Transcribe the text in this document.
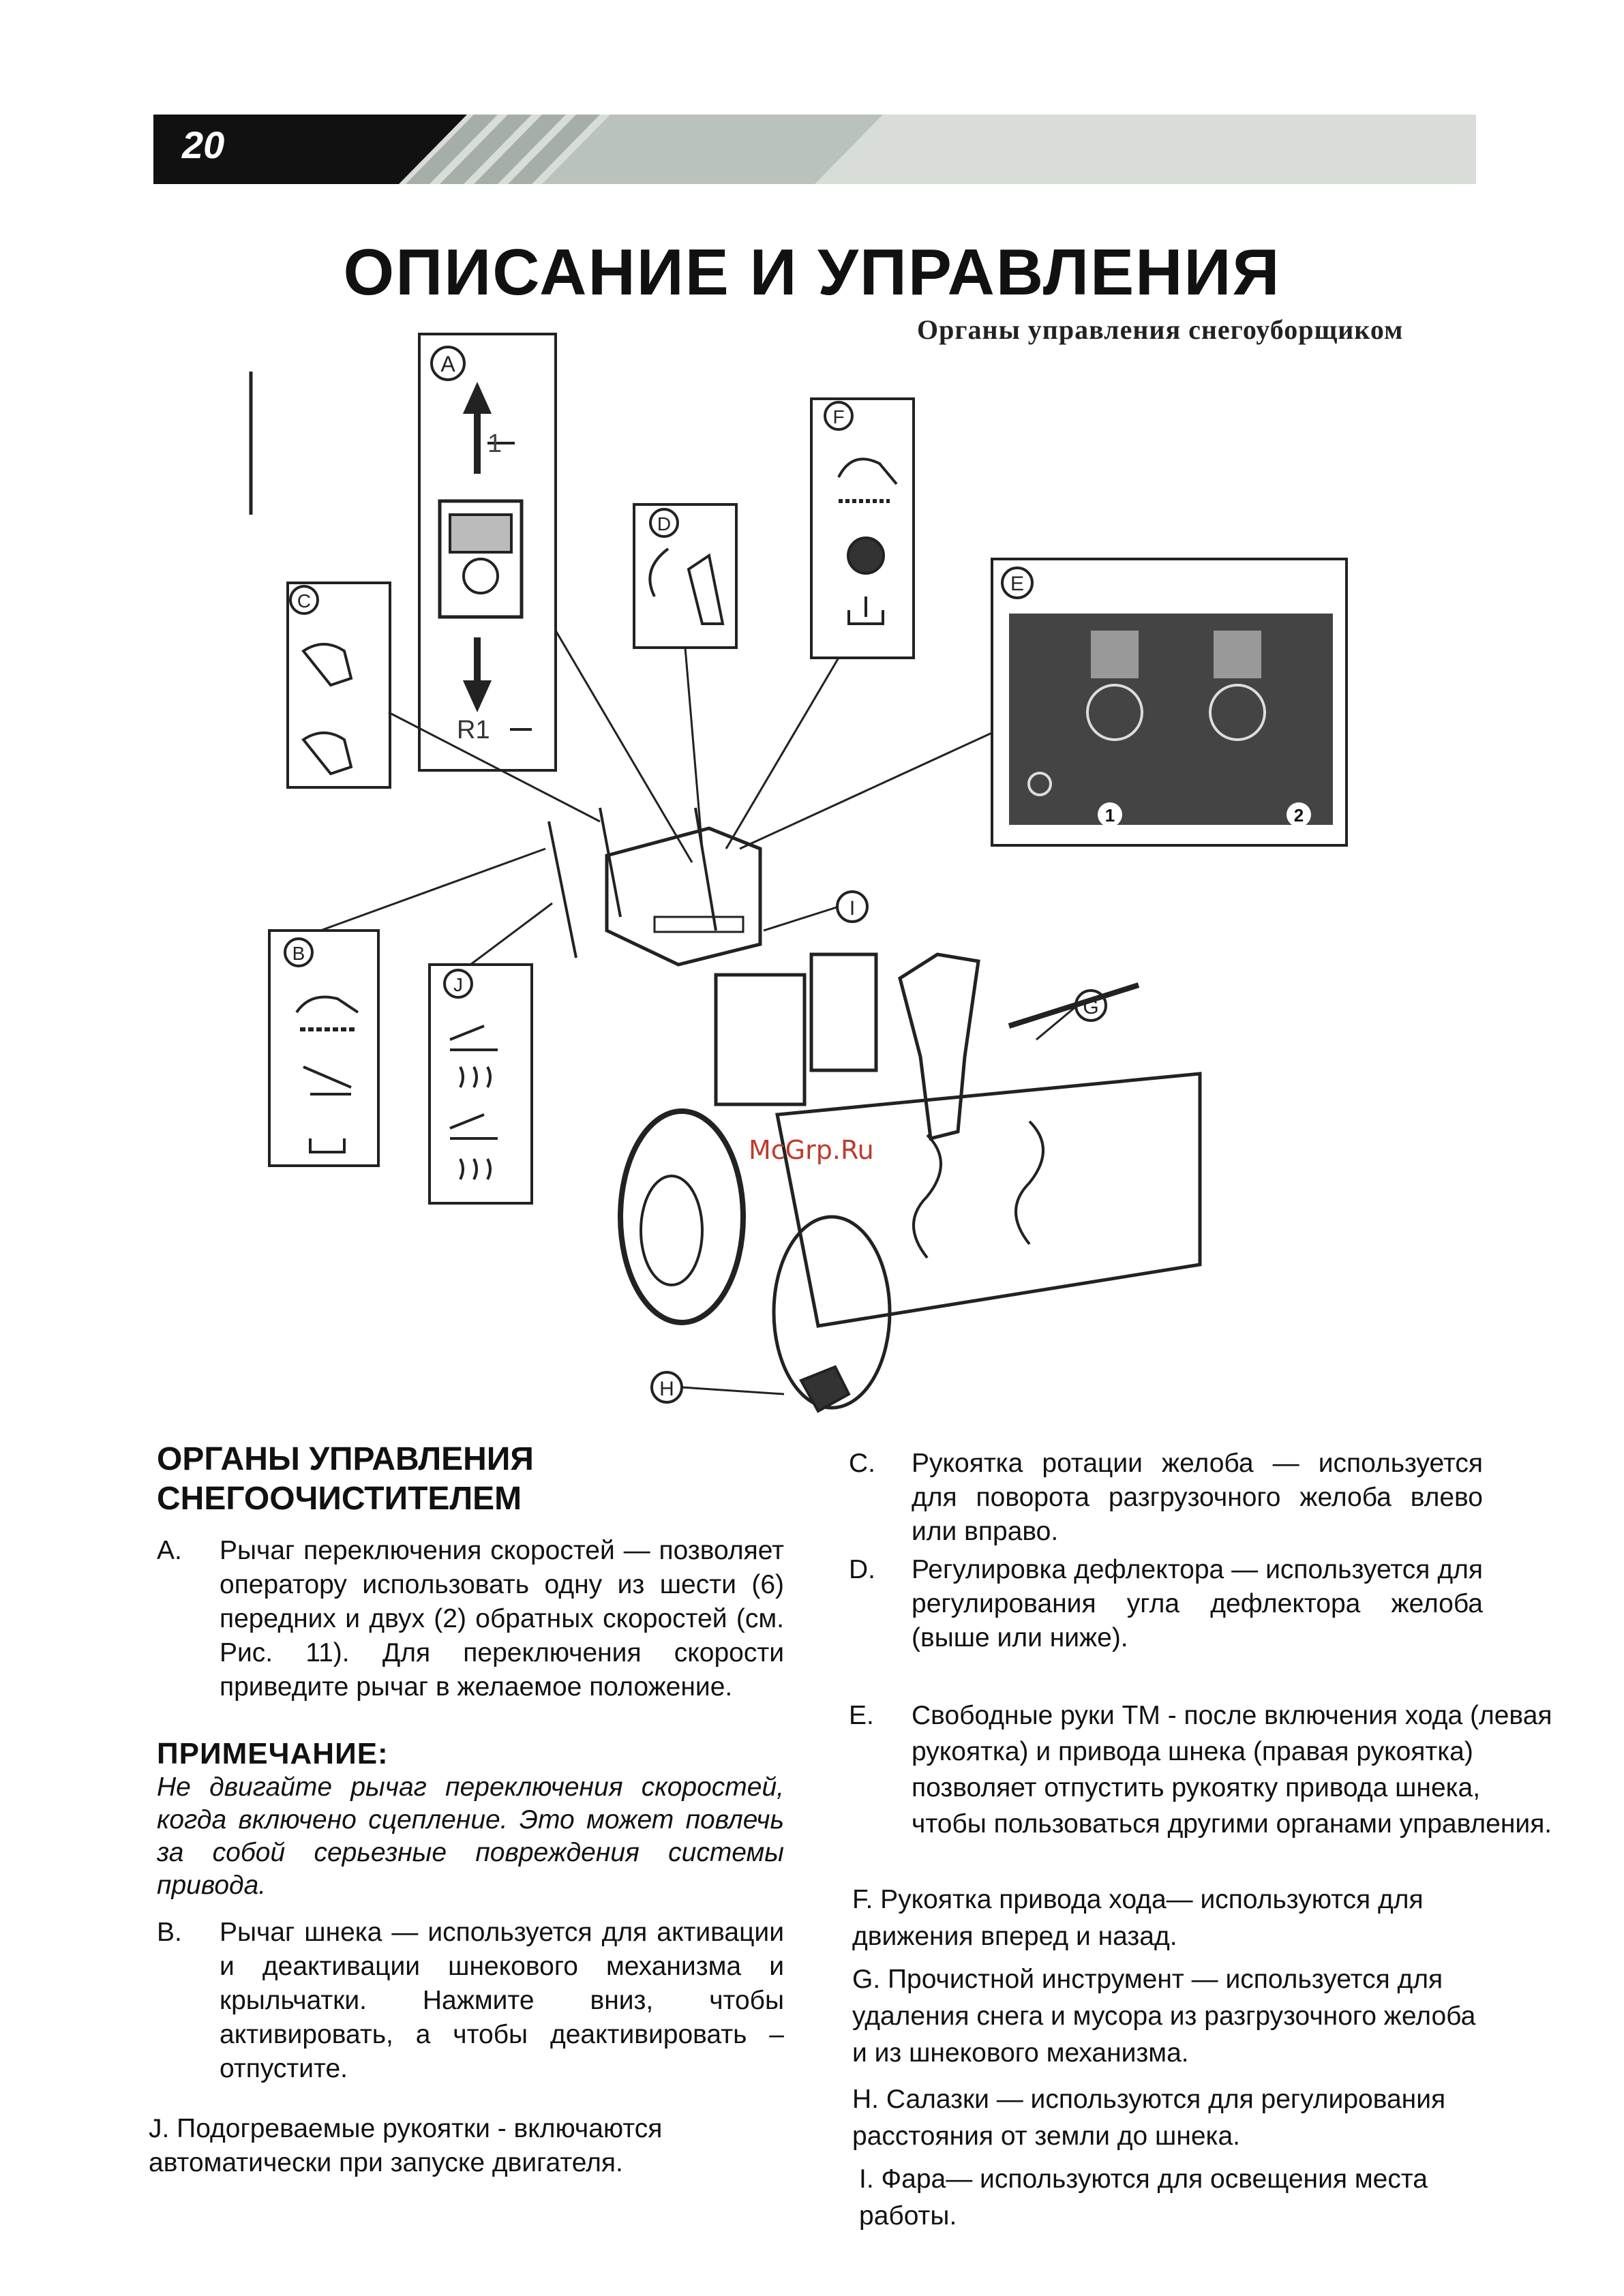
20
ОПИСАНИЕ И УПРАВЛЕНИЯ
Органы управления снегоуборщиком
A
1
R1
C
D
F
E
1	2
B
J
I
G
H
McGrp.Ru
ОРГАНЫ УПРАВЛЕНИЯ
СНЕГООЧИСТИТЕЛЕМ
A.	Рычаг переключения скоростей — позволяет оператору использовать одну из шести (6) передних и двух (2) обратных скоростей (см. Рис. 11). Для переключения скорости приведите рычаг в желаемое положение.
ПРИМЕЧАНИЕ:

Не двигайте рычаг переключения скоростей, когда включено сцепление. Это может повлечь за собой серьезные повреждения системы привода.

B.	Рычаг шнека — используется для активации и деактивации шнекового механизма и крыльчатки. Нажмите вниз, чтобы активировать, а чтобы деактивировать – отпустите.
J. Подогреваемые рукоятки - включаются автоматически при запуске двигателя.
C.	Рукоятка ротации желоба — используется для поворота разгрузочного желоба влево или вправо.
D.	Регулировка дефлектора — используется для регулирования угла дефлектора желоба (выше или ниже).
E.	Свободные руки ТМ - после включения хода (левая рукоятка) и привода шнека (правая рукоятка) позволяет отпустить рукоятку привода шнека, чтобы пользоваться другими органами управления.
F. Рукоятка привода хода— используются для движения вперед и назад.
G. Прочистной инструмент — используется для удаления снега и мусора из разгрузочного желоба и из шнекового механизма.
H. Салазки — используются для регулирования расстояния от земли до шнека.
I. Фара— используются для освещения места работы.
